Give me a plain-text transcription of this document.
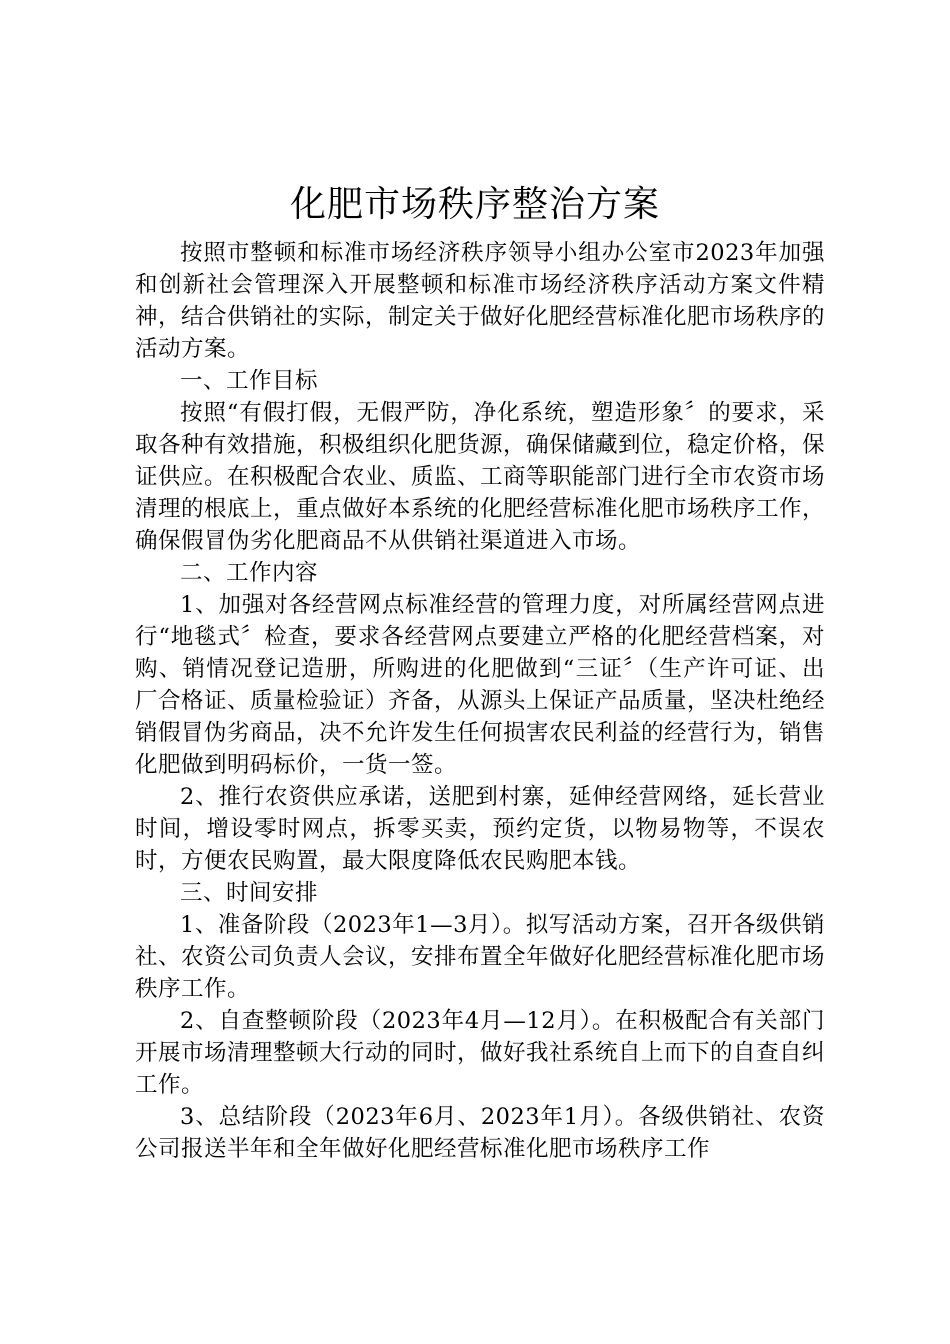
化肥市场秩序整治方案

按照市整顿和标准市场经济秩序领导小组办公室市2023年加强和创新社会管理深入开展整顿和标准市场经济秩序活动方案文件精神，结合供销社的实际，制定关于做好化肥经营标准化肥市场秩序的活动方案。

一、工作目标

按照“有假打假，无假严防，净化系统，塑造形象〞的要求，采取各种有效措施，积极组织化肥货源，确保储藏到位，稳定价格，保证供应。在积极配合农业、质监、工商等职能部门进行全市农资市场清理的根底上，重点做好本系统的化肥经营标准化肥市场秩序工作，确保假冒伪劣化肥商品不从供销社渠道进入市场。

二、工作内容

1、加强对各经营网点标准经营的管理力度，对所属经营网点进行“地毯式〞检查，要求各经营网点要建立严格的化肥经营档案，对购、销情况登记造册，所购进的化肥做到“三证〞（生产许可证、出厂合格证、质量检验证）齐备，从源头上保证产品质量，坚决杜绝经销假冒伪劣商品，决不允许发生任何损害农民利益的经营行为，销售化肥做到明码标价，一货一签。

2、推行农资供应承诺，送肥到村寨，延伸经营网络，延长营业时间，增设零时网点，拆零买卖，预约定货，以物易物等，不误农时，方便农民购置，最大限度降低农民购肥本钱。

三、时间安排

1、准备阶段（2023年1—3月）。拟写活动方案，召开各级供销社、农资公司负责人会议，安排布置全年做好化肥经营标准化肥市场秩序工作。

2、自查整顿阶段（2023年4月—12月）。在积极配合有关部门开展市场清理整顿大行动的同时，做好我社系统自上而下的自查自纠工作。

3、总结阶段（2023年6月、2023年1月）。各级供销社、农资公司报送半年和全年做好化肥经营标准化肥市场秩序工作
